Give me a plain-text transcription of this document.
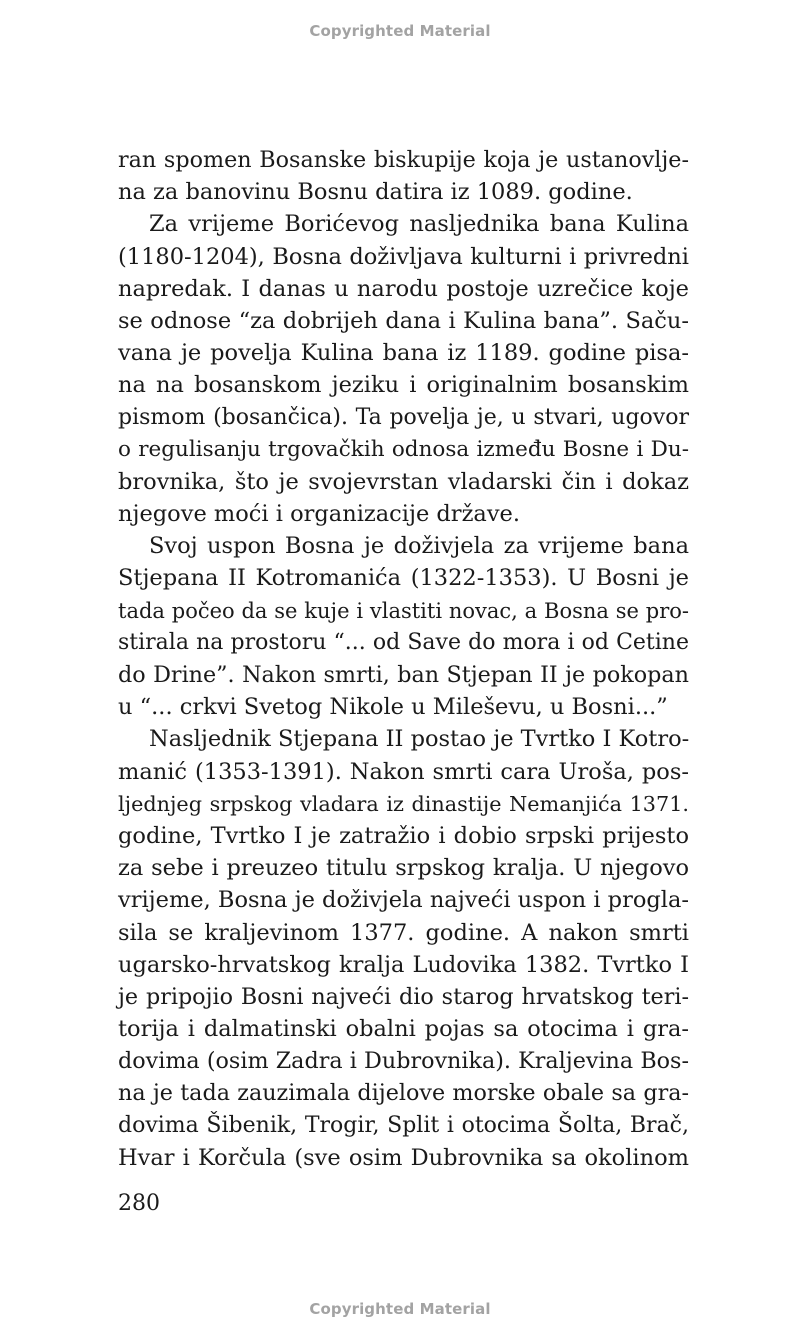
Copyrighted Material
ran spomen Bosanske biskupije koja je ustanovlje-
na za banovinu Bosnu datira iz 1089. godine.
Za vrijeme Borićevog nasljednika bana Kulina
(1180-1204), Bosna doživljava kulturni i privredni
napredak. I danas u narodu postoje uzrečice koje
se odnose “za dobrijeh dana i Kulina bana”. Saču-
vana je povelja Kulina bana iz 1189. godine pisa-
na na bosanskom jeziku i originalnim bosanskim
pismom (bosančica). Ta povelja je, u stvari, ugovor
o regulisanju trgovačkih odnosa između Bosne i Du-
brovnika, što je svojevrstan vladarski čin i dokaz
njegove moći i organizacije države.
Svoj uspon Bosna je doživjela za vrijeme bana
Stjepana II Kotromanića (1322-1353). U Bosni je
tada počeo da se kuje i vlastiti novac, a Bosna se pro-
stirala na prostoru “... od Save do mora i od Cetine
do Drine”. Nakon smrti, ban Stjepan II je pokopan
u “... crkvi Svetog Nikole u Mileševu, u Bosni...”
Nasljednik Stjepana II postao je Tvrtko I Kotro-
manić (1353-1391). Nakon smrti cara Uroša, pos-
ljednjeg srpskog vladara iz dinastije Nemanjića 1371.
godine, Tvrtko I je zatražio i dobio srpski prijesto
za sebe i preuzeo titulu srpskog kralja. U njegovo
vrijeme, Bosna je doživjela najveći uspon i progla-
sila se kraljevinom 1377. godine. A nakon smrti
ugarsko-hrvatskog kralja Ludovika 1382. Tvrtko I
je pripojio Bosni najveći dio starog hrvatskog teri-
torija i dalmatinski obalni pojas sa otocima i gra-
dovima (osim Zadra i Dubrovnika). Kraljevina Bos-
na je tada zauzimala dijelove morske obale sa gra-
dovima Šibenik, Trogir, Split i otocima Šolta, Brač,
Hvar i Korčula (sve osim Dubrovnika sa okolinom
280
Copyrighted Material
